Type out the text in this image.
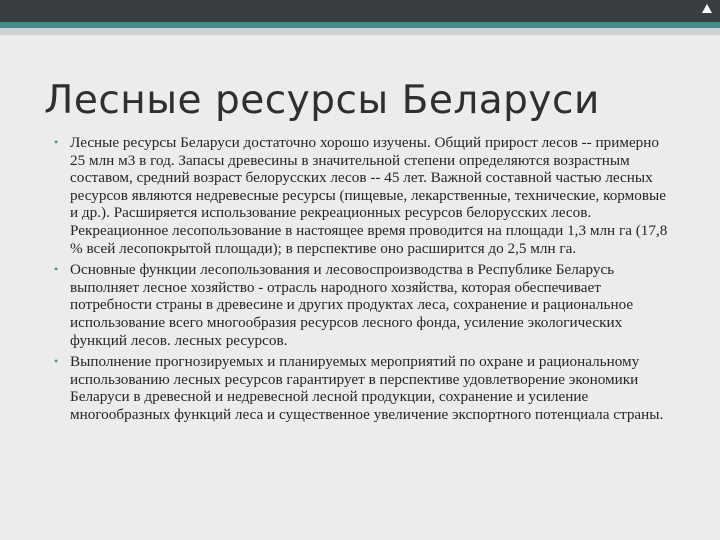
Лесные ресурсы Беларуси
• Лесные ресурсы Беларуси достаточно хорошо изучены. Общий прирост лесов -- примерно 25 млн м3 в год. Запасы древесины в значительной степени определяются возрастным составом, средний возраст белорусских лесов -- 45 лет. Важной составной частью лесных ресурсов являются недревесные ресурсы (пищевые, лекарственные, технические, кормовые и др.). Расширяется использование рекреационных ресурсов белорусских лесов. Рекреационное лесопользование в настоящее время проводится на площади 1,3 млн га (17,8 % всей лесопокрытой площади); в перспективе оно расширится до 2,5 млн га.
• Основные функции лесопользования и лесовоспроизводства в Республике Беларусь выполняет лесное хозяйство - отрасль народного хозяйства, которая обеспечивает потребности страны в древесине и других продуктах леса, сохранение и рациональное использование всего многообразия ресурсов лесного фонда, усиление экологических функций лесов. лесных ресурсов.
• Выполнение прогнозируемых и планируемых мероприятий по охране и рациональному использованию лесных ресурсов гарантирует в перспективе удовлетворение экономики Беларуси в древесной и недревесной лесной продукции, сохранение и усиление многообразных функций леса и существенное увеличение экспортного потенциала страны.
